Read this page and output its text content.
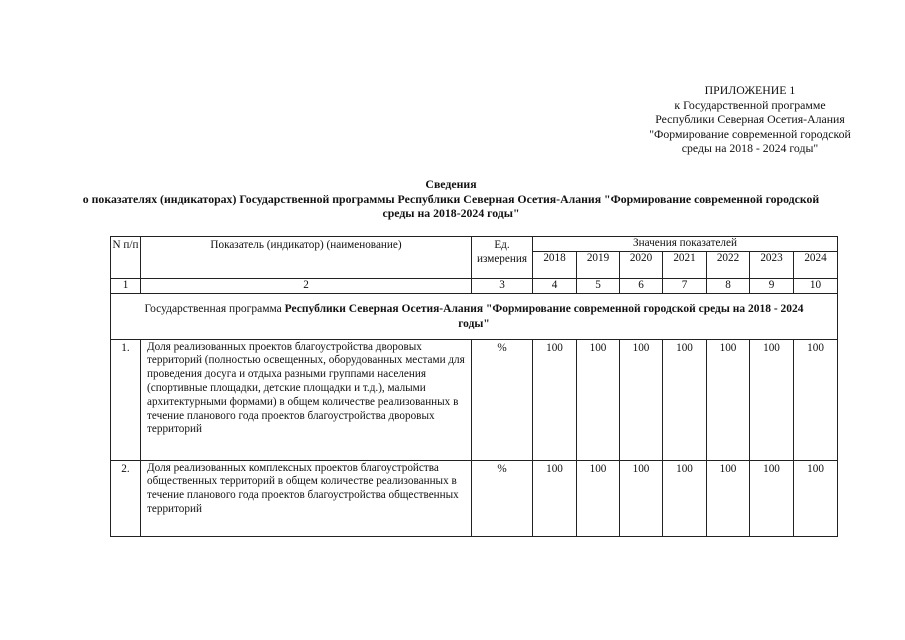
ПРИЛОЖЕНИЕ 1
к Государственной программе
Республики Северная Осетия-Алания
"Формирование современной городской
среды на 2018 - 2024 годы"
Сведения
о показателях (индикаторах) Государственной программы Республики Северная Осетия-Алания "Формирование современной городской
среды на 2018-2024 годы"
N п/п	Показатель (индикатор) (наименование)	Ед. измерения	Значения показателей						
			2018	2019	2020	2021	2022	2023	2024
1	2	3	4	5	6	7	8	9	10
Государственная программа Республики Северная Осетия-Алания "Формирование современной городской среды на 2018 - 2024 годы"									
1.	Доля реализованных проектов благоустройства дворовых территорий (полностью освещенных, оборудованных местами для проведения досуга и отдыха разными группами населения (спортивные площадки, детские площадки и т.д.), малыми архитектурными формами) в общем количестве реализованных в течение планового года проектов благоустройства дворовых территорий	%	100	100	100	100	100	100	100
2.	Доля реализованных комплексных проектов благоустройства общественных территорий в общем количестве реализованных в течение планового года проектов благоустройства общественных территорий	%	100	100	100	100	100	100	100
